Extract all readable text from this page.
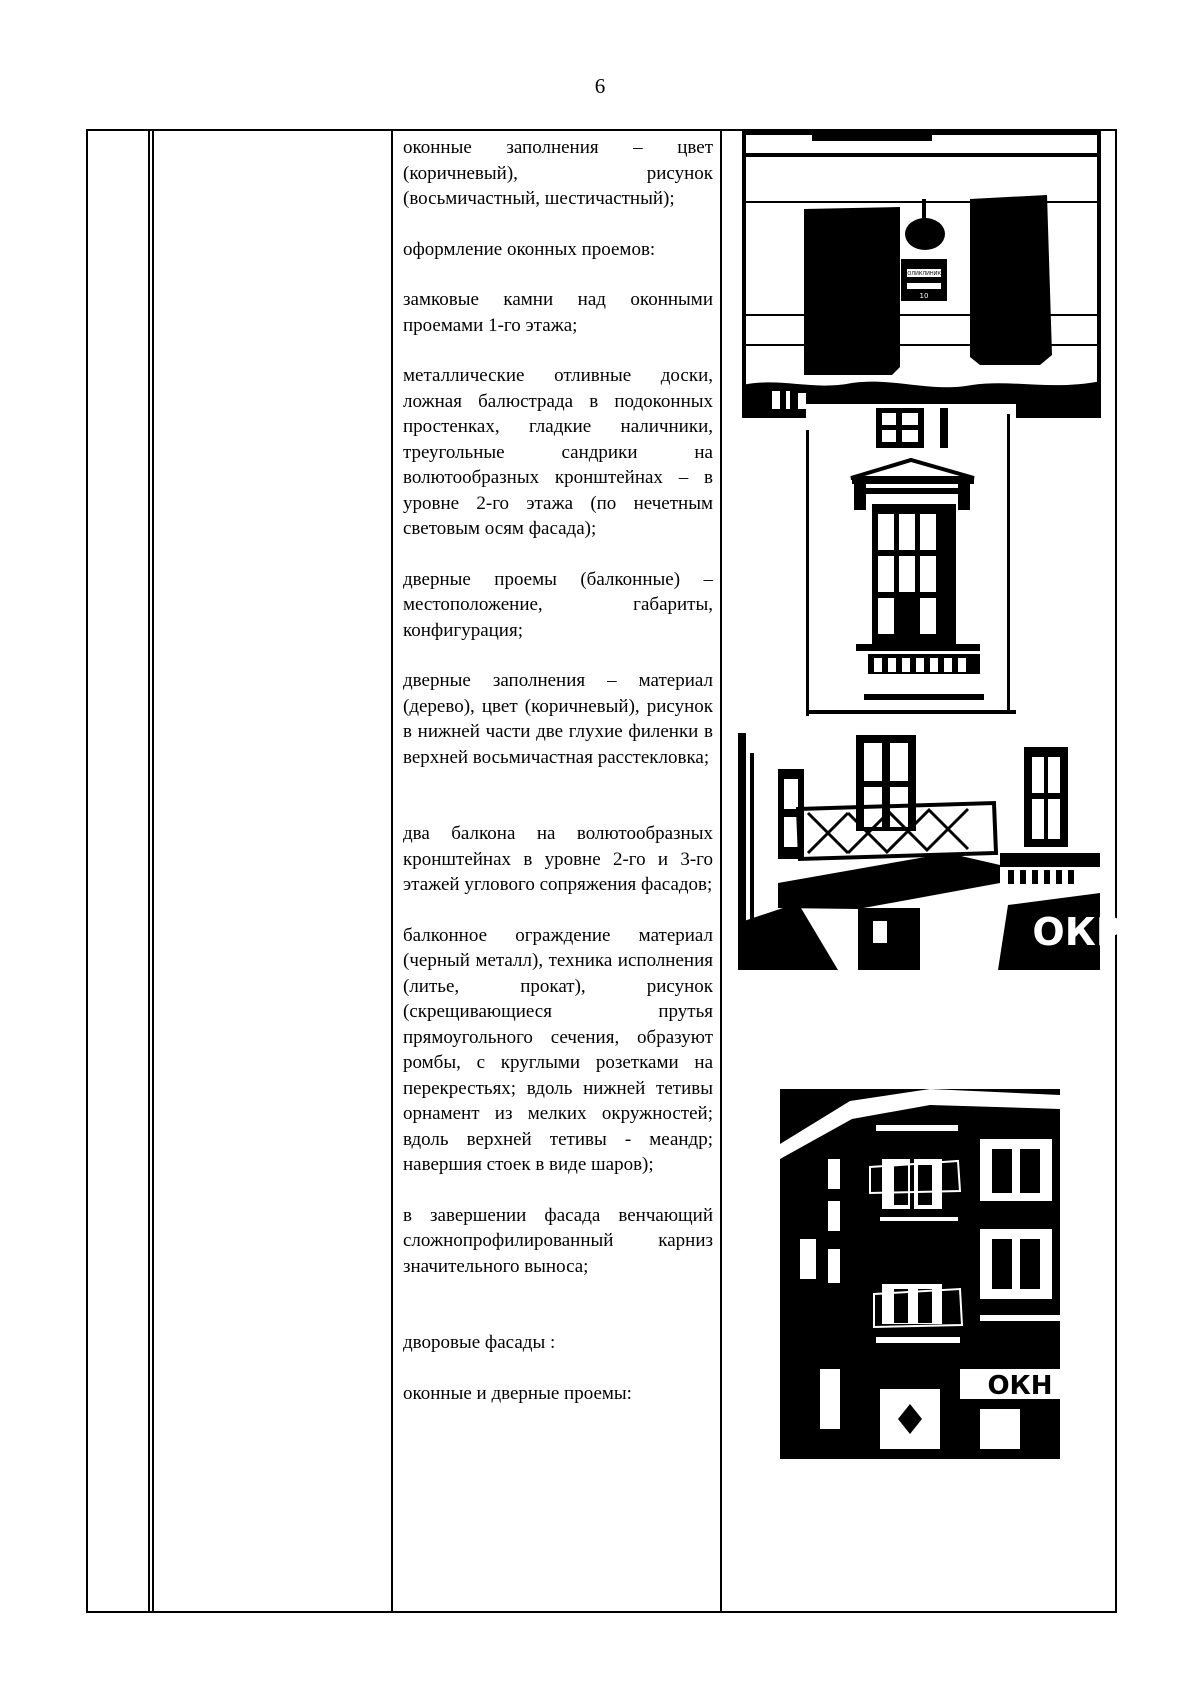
6

оконные заполнения – цвет (коричневый), рисунок (восьмичастный, шестичастный);

оформление оконных проемов:

замковые камни над оконными проемами 1-го этажа;

металлические отливные доски, ложная балюстрада в подоконных простенках, гладкие наличники, треугольные сандрики на волютообразных кронштейнах – в уровне 2-го этажа (по нечетным световым осям фасада);

дверные проемы (балконные) – местоположение, габариты, конфигурация;

дверные заполнения – материал (дерево), цвет (коричневый), рисунок в нижней части две глухие филенки в верхней восьмичастная расстекловка;

два балкона на волютообразных кронштейнах в уровне 2-го и 3-го этажей углового сопряжения фасадов;

балконное ограждение материал (черный металл), техника исполнения (литье, прокат), рисунок (скрещивающиеся прутья прямоугольного сечения, образуют ромбы, с круглыми розетками на перекрестьях; вдоль нижней тетивы орнамент из мелких окружностей; вдоль верхней тетивы - меандр; навершия стоек в виде шаров);

в завершении фасада венчающий сложнопрофилированный карниз значительного выноса;

дворовые фасады :

оконные и дверные проемы:

ПОЛИКЛИНИКА
10
ОКР
ОКН
